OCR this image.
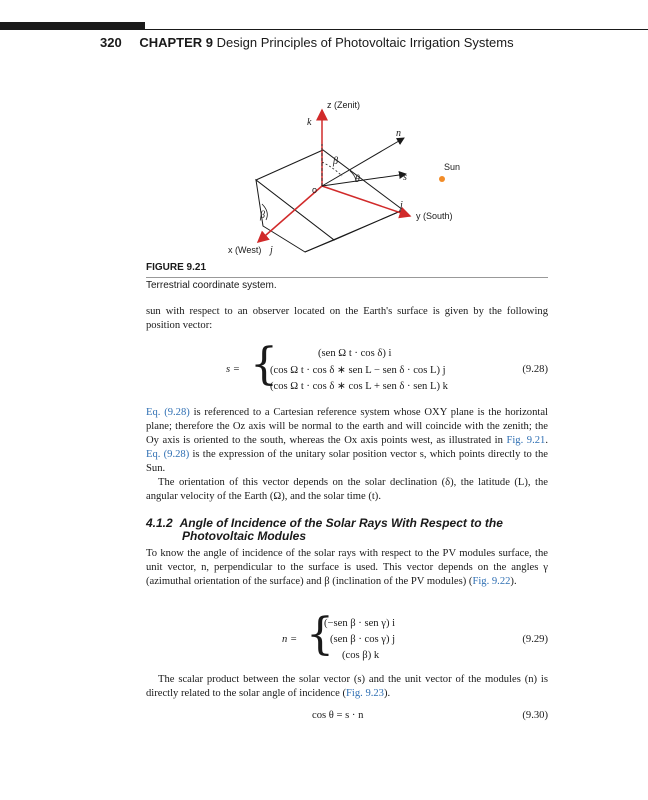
320 CHAPTER 9 Design Principles of Photovoltaic Irrigation Systems
z (Zenit)
k
n
β
θ	s
Sun
o
j
y (South)
β
x (West) j
FIGURE 9.21
Terrestrial coordinate system.

sun with respect to an observer located on the Earth's surface is given by the following position vector:

s = {	(sen Ω t · cos δ) i
(cos Ω t · cos δ ∗ sen L − sen δ · cos L) j
(cos Ω t · cos δ ∗ cos L + sen δ · sen L) k
(9.28)

Eq. (9.28) is referenced to a Cartesian reference system whose OXY plane is the horizontal plane; therefore the Oz axis will be normal to the earth and will coincide with the zenith; the Oy axis is oriented to the south, whereas the Ox axis points west, as illustrated in Fig. 9.21. Eq. (9.28) is the expression of the unitary solar position vector s, which points directly to the Sun.

The orientation of this vector depends on the solar declination (δ), the latitude (L), the angular velocity of the Earth (Ω), and the solar time (t).

4.1.2 Angle of Incidence of the Solar Rays With Respect to the
Photovoltaic Modules

To know the angle of incidence of the solar rays with respect to the PV modules surface, the unit vector, n, perpendicular to the surface is used. This vector depends on the angles γ (azimuthal orientation of the surface) and β (inclination of the PV modules) (Fig. 9.22).

n = {
(−sen β · sen γ) i
(sen β · cos γ) j
(cos β) k
(9.29)

The scalar product between the solar vector (s) and the unit vector of the modules (n) is directly related to the solar angle of incidence (Fig. 9.23).

cos θ = s · n	(9.30)
